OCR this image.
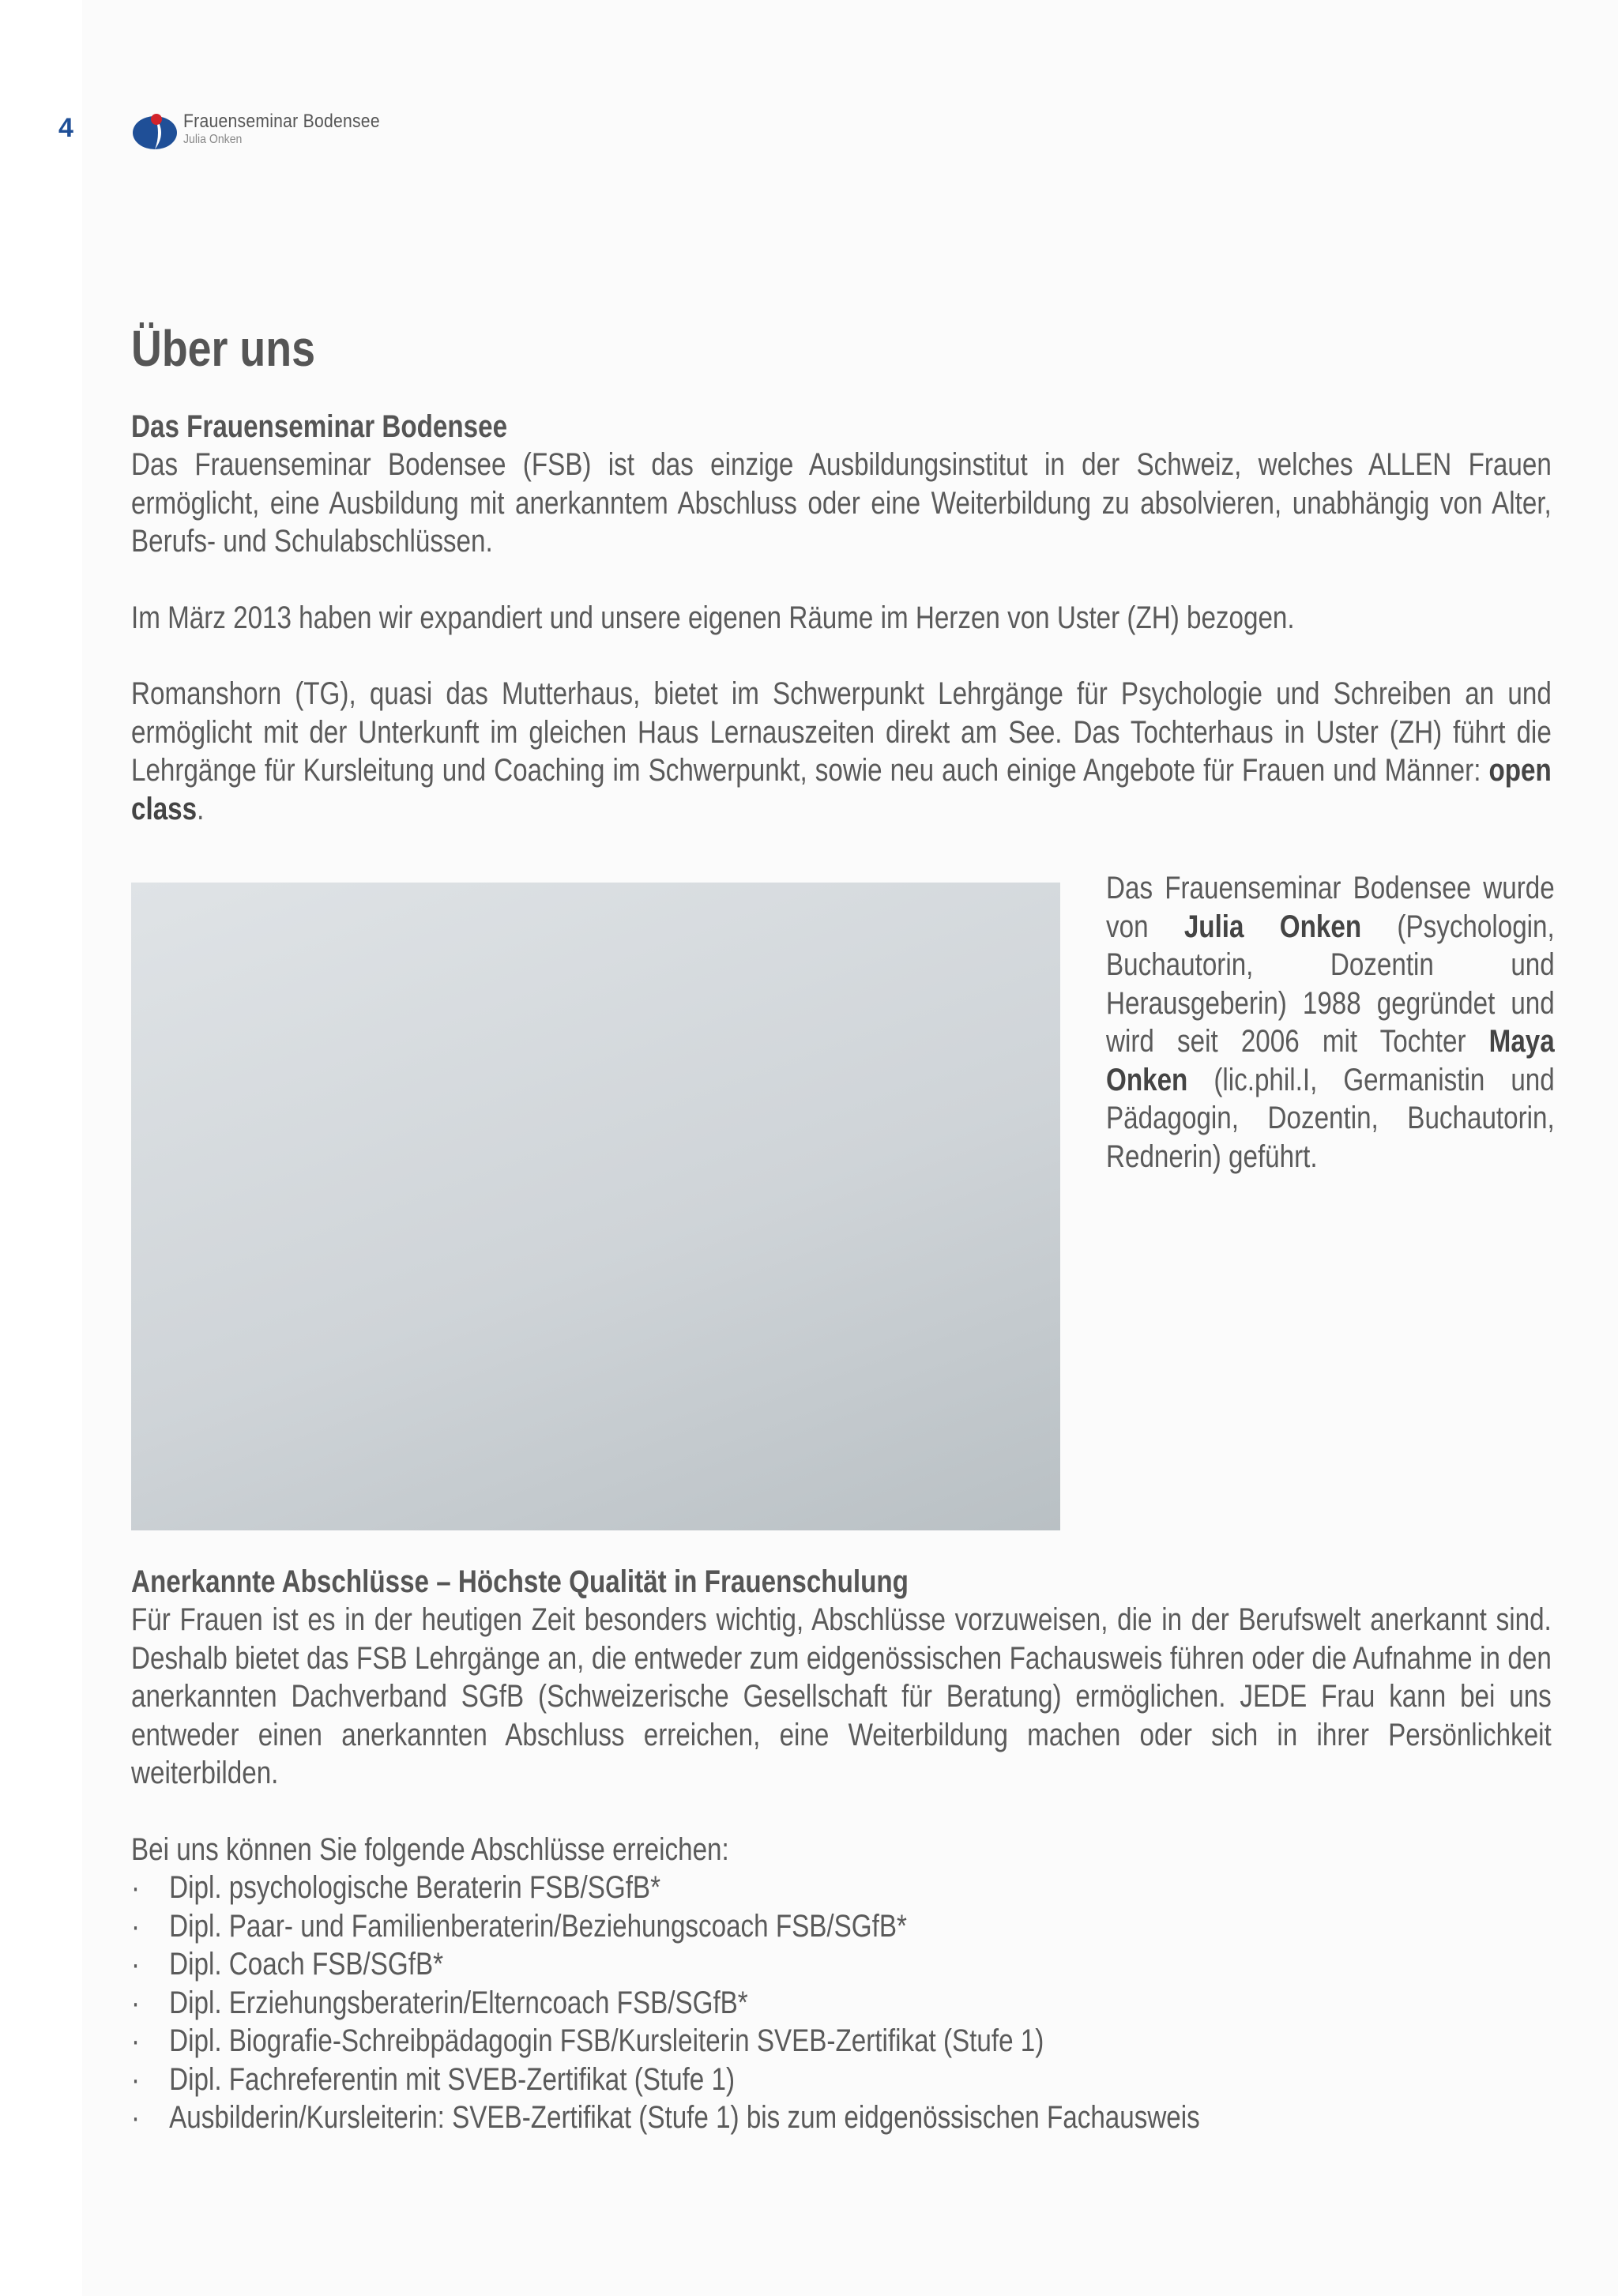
4	Frauenseminar Bodensee
Julia Onken
Über uns
Das Frauenseminar Bodensee

Das Frauenseminar Bodensee (FSB) ist das einzige Ausbildungsinstitut in der Schweiz, welches ALLEN Frauen ermöglicht, eine Ausbildung mit anerkanntem Abschluss oder eine Weiterbildung zu absolvieren, unabhängig von Alter, Berufs- und Schulabschlüssen.

Im März 2013 haben wir expandiert und unsere eigenen Räume im Herzen von Uster (ZH) bezogen.

Romanshorn (TG), quasi das Mutterhaus, bietet im Schwerpunkt Lehrgänge für Psychologie und Schreiben an und ermöglicht mit der Unterkunft im gleichen Haus Lernauszeiten direkt am See. Das Tochterhaus in Uster (ZH) führt die Lehrgänge für Kursleitung und Coaching im Schwerpunkt, sowie neu auch einige Angebote für Frauen und Männer: open class.

Das Frauenseminar Bodensee wurde von Julia Onken (Psychologin, Buchautorin, Dozentin und Herausgeberin) 1988 gegründet und wird seit 2006 mit Tochter Maya Onken (lic.phil.I, Germanistin und Pädagogin, Dozentin, Buchautorin, Rednerin) geführt.

Anerkannte Abschlüsse – Höchste Qualität in Frauenschulung

Für Frauen ist es in der heutigen Zeit besonders wichtig, Abschlüsse vorzuweisen, die in der Berufswelt anerkannt sind. Deshalb bietet das FSB Lehrgänge an, die entweder zum eidgenössischen Fachausweis führen oder die Aufnahme in den anerkannten Dachverband SGfB (Schweizerische Gesellschaft für Beratung) ermöglichen. JEDE Frau kann bei uns entweder einen anerkannten Abschluss erreichen, eine Weiterbildung machen oder sich in ihrer Persönlichkeit weiterbilden.

Bei uns können Sie folgende Abschlüsse erreichen:

· Dipl. psychologische Beraterin FSB/SGfB*
· Dipl. Paar- und Familienberaterin/Beziehungscoach FSB/SGfB*
· Dipl. Coach FSB/SGfB*
· Dipl. Erziehungsberaterin/Elterncoach FSB/SGfB*
· Dipl. Biografie-Schreibpädagogin FSB/Kursleiterin SVEB-Zertifikat (Stufe 1)
· Dipl. Fachreferentin mit SVEB-Zertifikat (Stufe 1)
· Ausbilderin/Kursleiterin: SVEB-Zertifikat (Stufe 1) bis zum eidgenössischen Fachausweis
